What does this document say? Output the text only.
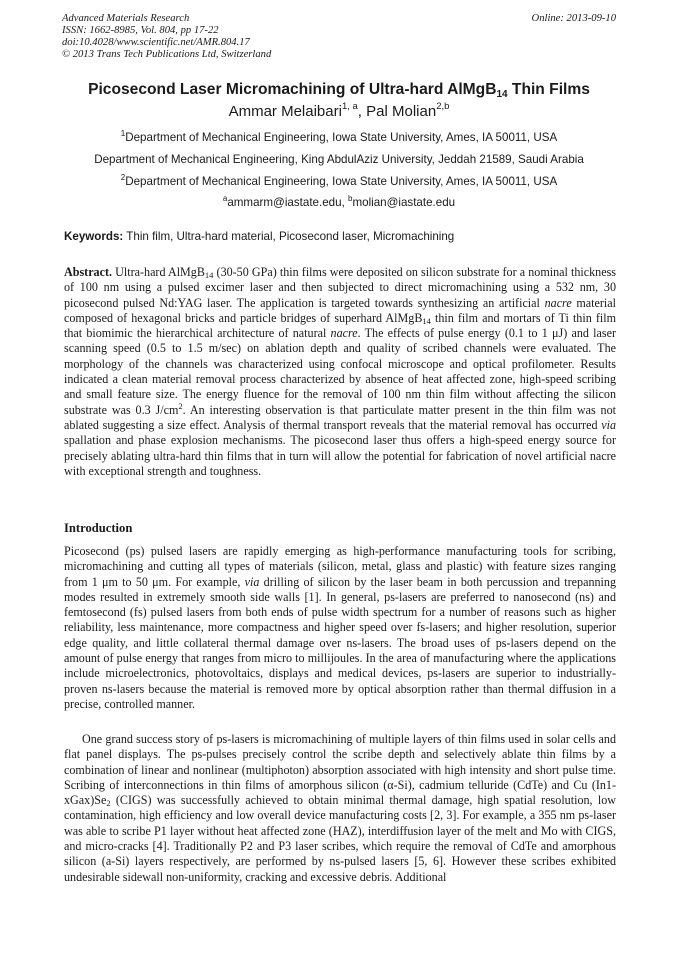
Advanced Materials Research
ISSN: 1662-8985, Vol. 804, pp 17-22
doi:10.4028/www.scientific.net/AMR.804.17
© 2013 Trans Tech Publications Ltd, Switzerland
Online: 2013-09-10
Picosecond Laser Micromachining of Ultra-hard AlMgB$_{14}$ Thin Films
Ammar Melaibari$^{1, a}$, Pal Molian$^{2,b}$
$^1$Department of Mechanical Engineering, Iowa State University, Ames, IA 50011, USA
Department of Mechanical Engineering, King AbdulAziz University, Jeddah 21589, Saudi Arabia
$^2$Department of Mechanical Engineering, Iowa State University, Ames, IA 50011, USA
$^a$ammarm@iastate.edu, $^b$molian@iastate.edu
Keywords: Thin film, Ultra-hard material, Picosecond laser, Micromachining

Abstract. Ultra-hard AlMgB$_{14}$ (30-50 GPa) thin films were deposited on silicon substrate for a nominal thickness of 100 nm using a pulsed excimer laser and then subjected to direct micromachining using a 532 nm, 30 picosecond pulsed Nd:YAG laser. The application is targeted towards synthesizing an artificial nacre material composed of hexagonal bricks and particle bridges of superhard AlMgB$_{14}$ thin film and mortars of Ti thin film that biomimic the hierarchical architecture of natural nacre. The effects of pulse energy (0.1 to 1 μJ) and laser scanning speed (0.5 to 1.5 m/sec) on ablation depth and quality of scribed channels were evaluated. The morphology of the channels was characterized using confocal microscope and optical profilometer. Results indicated a clean material removal process characterized by absence of heat affected zone, high-speed scribing and small feature size. The energy fluence for the removal of 100 nm thin film without affecting the silicon substrate was 0.3 $J/cm^2$. An interesting observation is that particulate matter present in the thin film was not ablated suggesting a size effect. Analysis of thermal transport reveals that the material removal has occurred via spallation and phase explosion mechanisms. The picosecond laser thus offers a high-speed energy source for precisely ablating ultra-hard thin films that in turn will allow the potential for fabrication of novel artificial nacre with exceptional strength and toughness.

Introduction

Picosecond (ps) pulsed lasers are rapidly emerging as high-performance manufacturing tools for scribing, micromachining and cutting all types of materials (silicon, metal, glass and plastic) with feature sizes ranging from 1 μm to 50 μm. For example, via drilling of silicon by the laser beam in both percussion and trepanning modes resulted in extremely smooth side walls [1]. In general, ps-lasers are preferred to nanosecond (ns) and femtosecond (fs) pulsed lasers from both ends of pulse width spectrum for a number of reasons such as higher reliability, less maintenance, more compactness and higher speed over fs-lasers; and higher resolution, superior edge quality, and little collateral thermal damage over ns-lasers. The broad uses of ps-lasers depend on the amount of pulse energy that ranges from micro to millijoules. In the area of manufacturing where the applications include microelectronics, photovoltaics, displays and medical devices, ps-lasers are superior to industrially-proven ns-lasers because the material is removed more by optical absorption rather than thermal diffusion in a precise, controlled manner.

One grand success story of ps-lasers is micromachining of multiple layers of thin films used in solar cells and flat panel displays. The ps-pulses precisely control the scribe depth and selectively ablate thin films by a combination of linear and nonlinear (multiphoton) absorption associated with high intensity and short pulse time. Scribing of interconnections in thin films of amorphous silicon (α-Si), cadmium telluride (CdTe) and Cu $(In1-xGax)Se_2$ (CIGS) was successfully achieved to obtain minimal thermal damage, high spatial resolution, low contamination, high efficiency and low overall device manufacturing costs [2, 3]. For example, a 355 nm ps-laser was able to scribe P1 layer without heat affected zone (HAZ), interdiffusion layer of the melt and Mo with CIGS, and micro-cracks [4]. Traditionally P2 and P3 laser scribes, which require the removal of CdTe and amorphous silicon (a-Si) layers respectively, are performed by ns-pulsed lasers [5, 6]. However these scribes exhibited undesirable sidewall non-uniformity, cracking and excessive debris. Additional
